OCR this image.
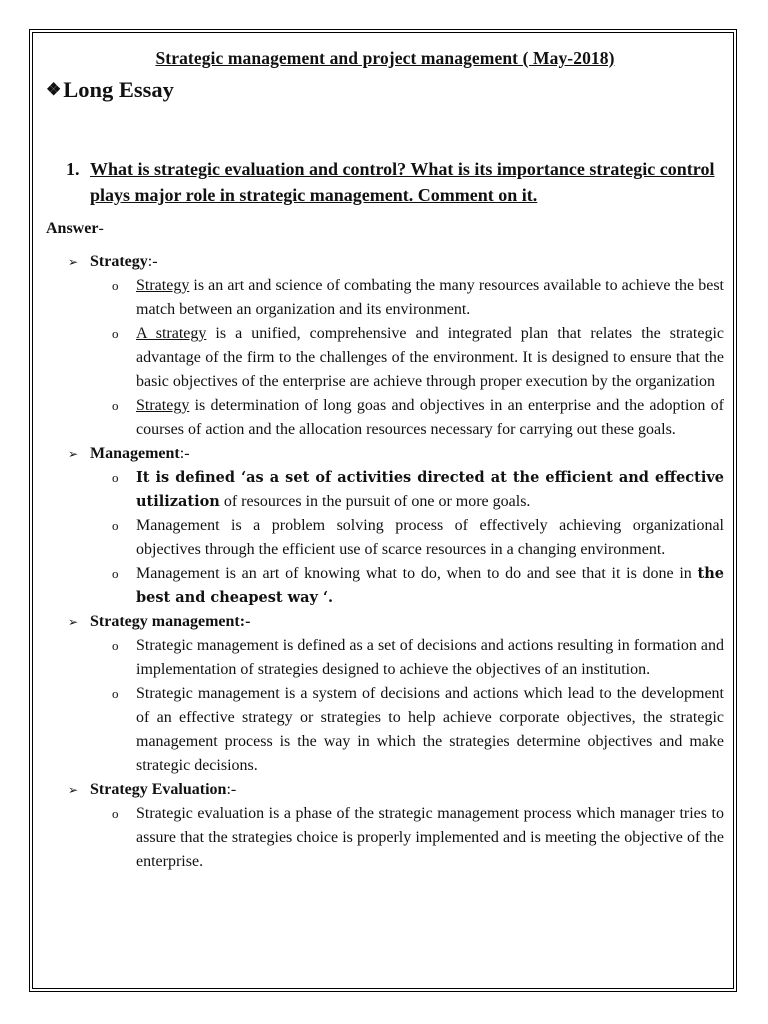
Strategic management and project management ( May-2018)
❖ Long Essay
1. What is strategic evaluation and control? What is its importance strategic control plays major role in strategic management. Comment on it.
Answer-
➢ Strategy :-
o	Strategy is an art and science of combating the many resources available to achieve the best match between an organization and its environment.
o	A strategy is a unified, comprehensive and integrated plan that relates the strategic advantage of the firm to the challenges of the environment. It is designed to ensure that the basic objectives of the enterprise are achieve through proper execution by the organization
o	Strategy is determination of long goas and objectives in an enterprise and the adoption of courses of action and the allocation resources necessary for carrying out these goals.
➢ Management :-
o	It is defined ‘as a set of activities directed at the efficient and effective utilization of resources in the pursuit of one or more goals.
o	Management is a problem solving process of effectively achieving organizational objectives through the efficient use of scarce resources in a changing environment.
o	Management is an art of knowing what to do, when to do and see that it is done in the best and cheapest way ‘.
➢ Strategy management :-
o	Strategic management is defined as a set of decisions and actions resulting in formation and implementation of strategies designed to achieve the objectives of an institution.
o	Strategic management is a system of decisions and actions which lead to the development of an effective strategy or strategies to help achieve corporate objectives, the strategic management process is the way in which the strategies determine objectives and make strategic decisions.
➢ Strategy Evaluation :-
o	Strategic evaluation is a phase of the strategic management process which manager tries to assure that the strategies choice is properly implemented and is meeting the objective of the enterprise.
